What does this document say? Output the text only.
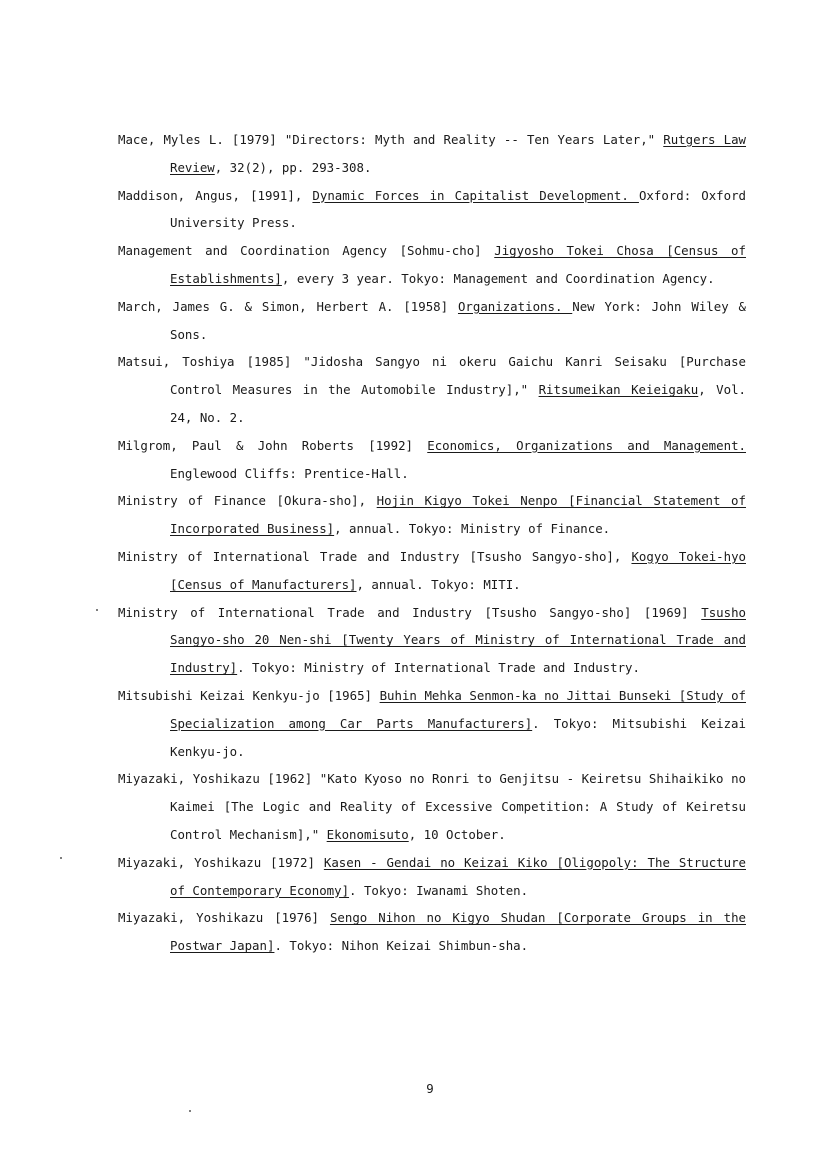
Mace, Myles L. [1979] "Directors: Myth and Reality -- Ten Years Later," Rutgers Law Review, 32(2), pp. 293-308.

Maddison, Angus, [1991], Dynamic Forces in Capitalist Development. Oxford: Oxford University Press.

Management and Coordination Agency [Sohmu-cho] Jigyosho Tokei Chosa [Census of Establishments], every 3 year. Tokyo: Management and Coordination Agency.

March, James G. & Simon, Herbert A. [1958] Organizations. New York: John Wiley & Sons.

Matsui, Toshiya [1985] "Jidosha Sangyo ni okeru Gaichu Kanri Seisaku [Purchase Control Measures in the Automobile Industry]," Ritsumeikan Keieigaku, Vol. 24, No. 2.

Milgrom, Paul & John Roberts [1992] Economics, Organizations and Management. Englewood Cliffs: Prentice-Hall.

Ministry of Finance [Okura-sho], Hojin Kigyo Tokei Nenpo [Financial Statement of Incorporated Business], annual. Tokyo: Ministry of Finance.

Ministry of International Trade and Industry [Tsusho Sangyo-sho], Kogyo Tokei-hyo [Census of Manufacturers], annual. Tokyo: MITI.

Ministry of International Trade and Industry [Tsusho Sangyo-sho] [1969] Tsusho Sangyo-sho 20 Nen-shi [Twenty Years of Ministry of International Trade and Industry]. Tokyo: Ministry of International Trade and Industry.

Mitsubishi Keizai Kenkyu-jo [1965] Buhin Mehka Senmon-ka no Jittai Bunseki [Study of Specialization among Car Parts Manufacturers]. Tokyo: Mitsubishi Keizai Kenkyu-jo.

Miyazaki, Yoshikazu [1962] "Kato Kyoso no Ronri to Genjitsu - Keiretsu Shihaikiko no Kaimei [The Logic and Reality of Excessive Competition: A Study of Keiretsu Control Mechanism]," Ekonomisuto, 10 October.

Miyazaki, Yoshikazu [1972] Kasen - Gendai no Keizai Kiko [Oligopoly: The Structure of Contemporary Economy]. Tokyo: Iwanami Shoten.

Miyazaki, Yoshikazu [1976] Sengo Nihon no Kigyo Shudan [Corporate Groups in the Postwar Japan]. Tokyo: Nihon Keizai Shimbun-sha.

9
